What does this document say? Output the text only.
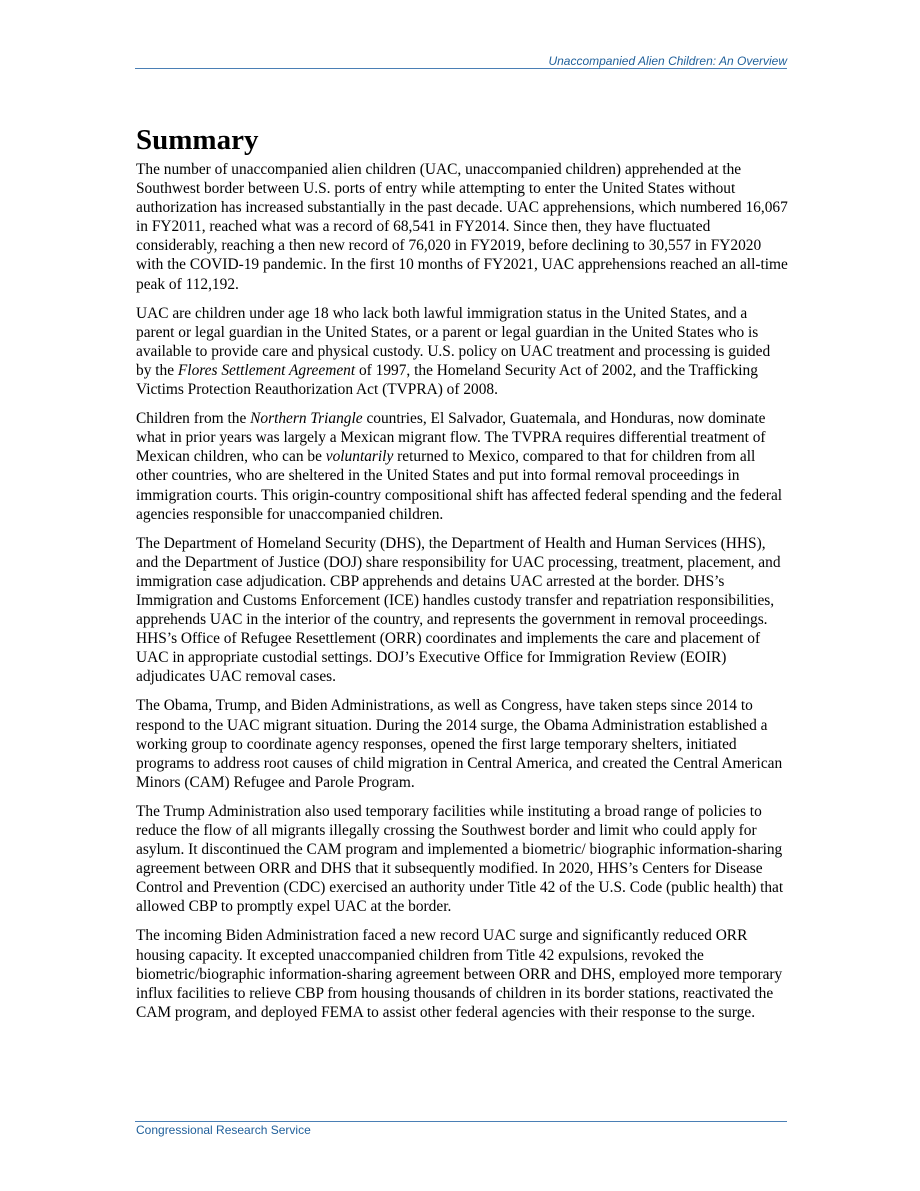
Unaccompanied Alien Children: An Overview
Summary

The number of unaccompanied alien children (UAC, unaccompanied children) apprehended at the Southwest border between U.S. ports of entry while attempting to enter the United States without authorization has increased substantially in the past decade. UAC apprehensions, which numbered 16,067 in FY2011, reached what was a record of 68,541 in FY2014. Since then, they have fluctuated considerably, reaching a then new record of 76,020 in FY2019, before declining to 30,557 in FY2020 with the COVID-19 pandemic. In the first 10 months of FY2021, UAC apprehensions reached an all-time peak of 112,192.

UAC are children under age 18 who lack both lawful immigration status in the United States, and a parent or legal guardian in the United States, or a parent or legal guardian in the United States who is available to provide care and physical custody. U.S. policy on UAC treatment and processing is guided by the Flores Settlement Agreement of 1997, the Homeland Security Act of 2002, and the Trafficking Victims Protection Reauthorization Act (TVPRA) of 2008.

Children from the Northern Triangle countries, El Salvador, Guatemala, and Honduras, now dominate what in prior years was largely a Mexican migrant flow. The TVPRA requires differential treatment of Mexican children, who can be voluntarily returned to Mexico, compared to that for children from all other countries, who are sheltered in the United States and put into formal removal proceedings in immigration courts. This origin-country compositional shift has affected federal spending and the federal agencies responsible for unaccompanied children.

The Department of Homeland Security (DHS), the Department of Health and Human Services (HHS), and the Department of Justice (DOJ) share responsibility for UAC processing, treatment, placement, and immigration case adjudication. CBP apprehends and detains UAC arrested at the border. DHS’s Immigration and Customs Enforcement (ICE) handles custody transfer and repatriation responsibilities, apprehends UAC in the interior of the country, and represents the government in removal proceedings. HHS’s Office of Refugee Resettlement (ORR) coordinates and implements the care and placement of UAC in appropriate custodial settings. DOJ’s Executive Office for Immigration Review (EOIR) adjudicates UAC removal cases.

The Obama, Trump, and Biden Administrations, as well as Congress, have taken steps since 2014 to respond to the UAC migrant situation. During the 2014 surge, the Obama Administration established a working group to coordinate agency responses, opened the first large temporary shelters, initiated programs to address root causes of child migration in Central America, and created the Central American Minors (CAM) Refugee and Parole Program.

The Trump Administration also used temporary facilities while instituting a broad range of policies to reduce the flow of all migrants illegally crossing the Southwest border and limit who could apply for asylum. It discontinued the CAM program and implemented a biometric/ biographic information-sharing agreement between ORR and DHS that it subsequently modified. In 2020, HHS’s Centers for Disease Control and Prevention (CDC) exercised an authority under Title 42 of the U.S. Code (public health) that allowed CBP to promptly expel UAC at the border.

The incoming Biden Administration faced a new record UAC surge and significantly reduced ORR housing capacity. It excepted unaccompanied children from Title 42 expulsions, revoked the biometric/biographic information-sharing agreement between ORR and DHS, employed more temporary influx facilities to relieve CBP from housing thousands of children in its border stations, reactivated the CAM program, and deployed FEMA to assist other federal agencies with their response to the surge.

Congressional Research Service
